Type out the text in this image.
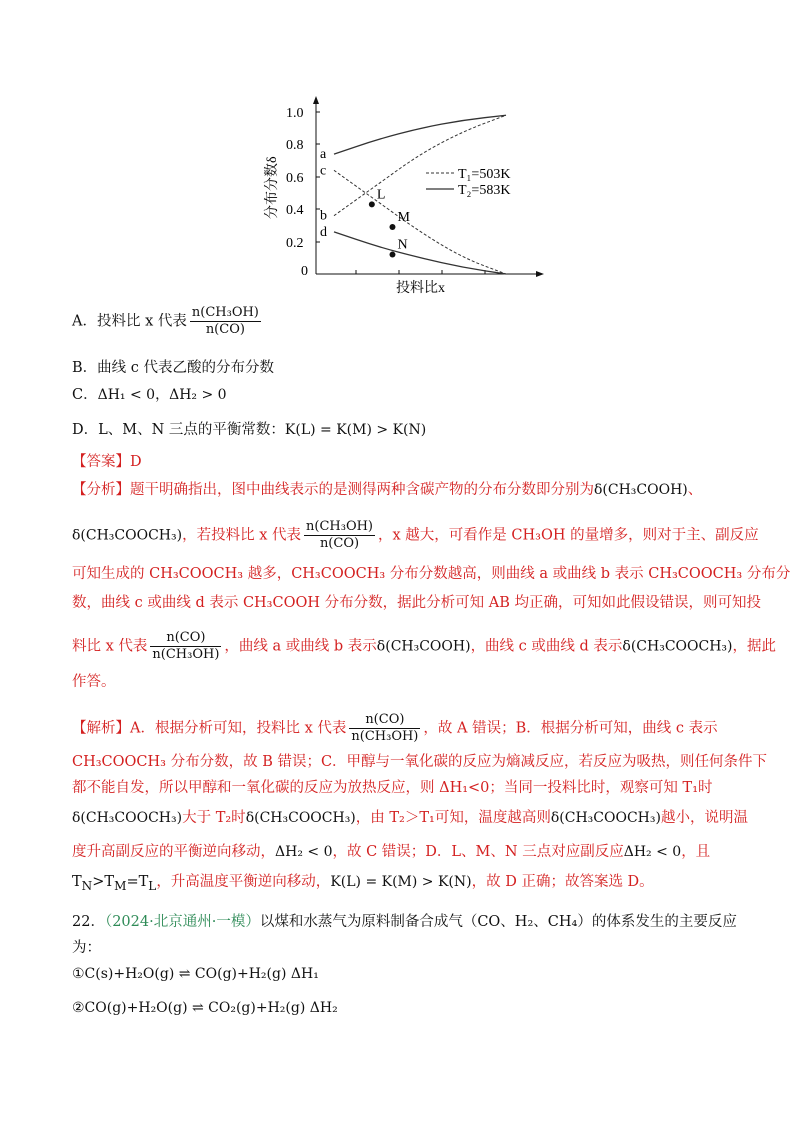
1.0
0.8
0.6
0.4
0.2
0
分布分数δ
投料比x
a
b
c
d
L
M
N
T₁=503K
T₂=583K
A．投料比 x 代表 $\frac{\text{n(CH₃OH)}}{n(CO)}$
B．曲线 c 代表乙酸的分布分数
C．ΔH₁ < 0，ΔH₂ > 0
D．L、M、N 三点的平衡常数：K(L) = K(M) > K(N)
【答案】D
【分析】题干明确指出，图中曲线表示的是测得两种含碳产物的分布分数即分别为δ(CH₃COOH)、
δ(CH₃COOCH₃)，若投料比 x 代表 $\frac{\text{n(CH₃OH)}}{n(CO)}$ ，x 越大，可看作是 CH₃OH 的量增多，则对于主、副反应
可知生成的 CH₃COOCH₃ 越多，CH₃COOCH₃ 分布分数越高，则曲线 a 或曲线 b 表示 CH₃COOCH₃ 分布分
数，曲线 c 或曲线 d 表示 CH₃COOH 分布分数，据此分析可知 AB 均正确，可知如此假设错误，则可知投
料比 x 代表 $\frac{n(CO)}{\text{n(CH₃OH)}}$ ，曲线 a 或曲线 b 表示δ(CH₃COOH)，曲线 c 或曲线 d 表示δ(CH₃COOCH₃)，据此
作答。
【解析】A．根据分析可知，投料比 x 代表 $\frac{n(CO)}{\text{n(CH₃OH)}}$ ，故 A 错误；B．根据分析可知，曲线 c 表示
CH₃COOCH₃ 分布分数，故 B 错误；C．甲醇与一氧化碳的反应为熵减反应，若反应为吸热，则任何条件下
都不能自发，所以甲醇和一氧化碳的反应为放热反应，则 ΔH₁<0；当同一投料比时，观察可知 T₁时
δ(CH₃COOCH₃)大于 T₂时δ(CH₃COOCH₃)，由 T₂＞T₁可知，温度越高则δ(CH₃COOCH₃)越小，说明温
度升高副反应的平衡逆向移动，ΔH₂ < 0，故 C 错误；D．L、M、N 三点对应副反应ΔH₂ < 0，且
$T_N>T_M=T_L$，升高温度平衡逆向移动，K(L) = K(M) > K(N)，故 D 正确；故答案选 D。
22．（2024·北京通州·一模）以煤和水蒸气为原料制备合成气（CO、H₂、CH₄）的体系发生的主要反应
为：
①C(s)+H₂O(g) ⇌ CO(g)+H₂(g) ΔH₁
②CO(g)+H₂O(g) ⇌ CO₂(g)+H₂(g) ΔH₂
